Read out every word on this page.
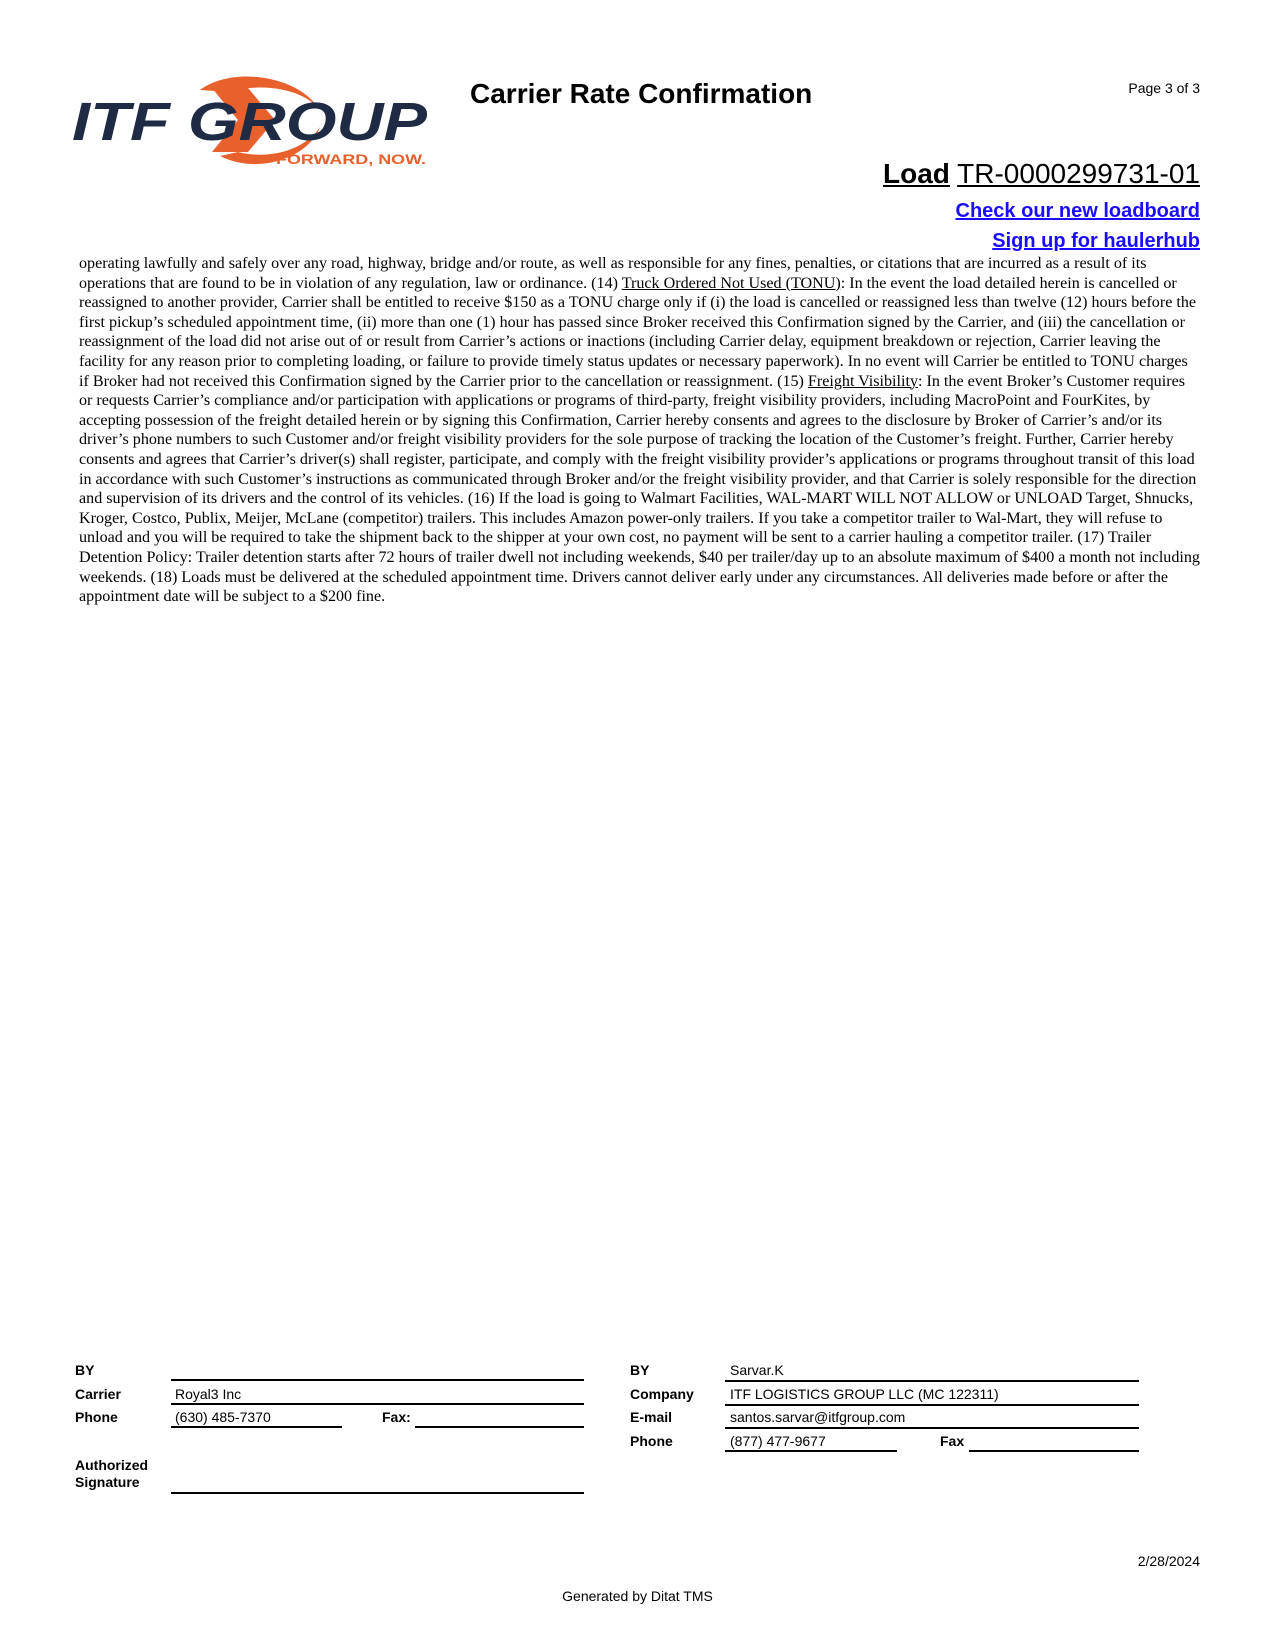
ITF GROUP
FORWARD, NOW.
Carrier Rate Confirmation	Page 3 of 3
Load TR-0000299731-01
Check our new loadboard
Sign up for haulerhub
operating lawfully and safely over any road, highway, bridge and/or route, as well as responsible for any fines, penalties, or citations that are incurred as a result of its operations that are found to be in violation of any regulation, law or ordinance. (14) Truck Ordered Not Used (TONU): In the event the load detailed herein is cancelled or reassigned to another provider, Carrier shall be entitled to receive $150 as a TONU charge only if (i) the load is cancelled or reassigned less than twelve (12) hours before the first pickup’s scheduled appointment time, (ii) more than one (1) hour has passed since Broker received this Confirmation signed by the Carrier, and (iii) the cancellation or reassignment of the load did not arise out of or result from Carrier’s actions or inactions (including Carrier delay, equipment breakdown or rejection, Carrier leaving the facility for any reason prior to completing loading, or failure to provide timely status updates or necessary paperwork). In no event will Carrier be entitled to TONU charges if Broker had not received this Confirmation signed by the Carrier prior to the cancellation or reassignment. (15) Freight Visibility: In the event Broker’s Customer requires or requests Carrier’s compliance and/or participation with applications or programs of third-party, freight visibility providers, including MacroPoint and FourKites, by accepting possession of the freight detailed herein or by signing this Confirmation, Carrier hereby consents and agrees to the disclosure by Broker of Carrier’s and/or its driver’s phone numbers to such Customer and/or freight visibility providers for the sole purpose of tracking the location of the Customer’s freight. Further, Carrier hereby consents and agrees that Carrier’s driver(s) shall register, participate, and comply with the freight visibility provider’s applications or programs throughout transit of this load in accordance with such Customer’s instructions as communicated through Broker and/or the freight visibility provider, and that Carrier is solely responsible for the direction and supervision of its drivers and the control of its vehicles. (16) If the load is going to Walmart Facilities, WAL-MART WILL NOT ALLOW or UNLOAD Target, Shnucks, Kroger, Costco, Publix, Meijer, McLane (competitor) trailers. This includes Amazon power-only trailers. If you take a competitor trailer to Wal-Mart, they will refuse to unload and you will be required to take the shipment back to the shipper at your own cost, no payment will be sent to a carrier hauling a competitor trailer. (17) Trailer Detention Policy: Trailer detention starts after 72 hours of trailer dwell not including weekends, $40 per trailer/day up to an absolute maximum of $400 a month not including weekends. (18) Loads must be delivered at the scheduled appointment time. Drivers cannot deliver early under any circumstances. All deliveries made before or after the appointment date will be subject to a $200 fine.
BY
Carrier	Royal3 Inc
Phone	(630) 485-7370	Fax:
Authorized
Signature
BY	Sarvar.K
Company	ITF LOGISTICS GROUP LLC (MC 122311)
E-mail	santos.sarvar@itfgroup.com
Phone	(877) 477-9677	Fax
2/28/2024
Generated by Ditat TMS
